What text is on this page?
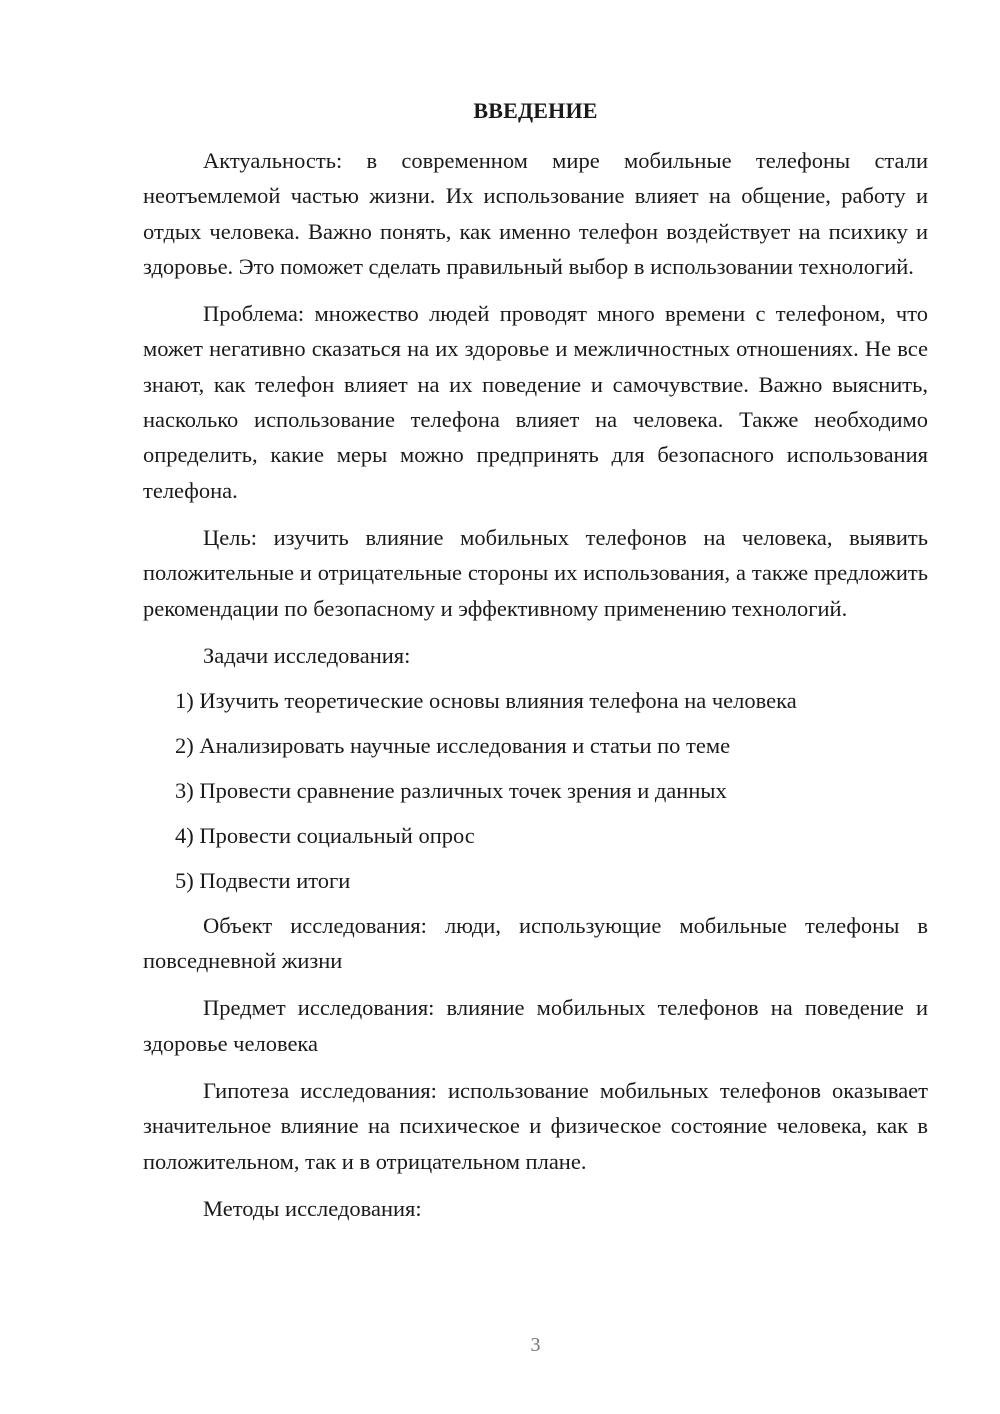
ВВЕДЕНИЕ

Актуальность: в современном мире мобильные телефоны стали неотъемлемой частью жизни. Их использование влияет на общение, работу и отдых человека. Важно понять, как именно телефон воздействует на психику и здоровье. Это поможет сделать правильный выбор в использовании технологий.

Проблема: множество людей проводят много времени с телефоном, что может негативно сказаться на их здоровье и межличностных отношениях. Не все знают, как телефон влияет на их поведение и самочувствие. Важно выяснить, насколько использование телефона влияет на человека. Также необходимо определить, какие меры можно предпринять для безопасного использования телефона.

Цель: изучить влияние мобильных телефонов на человека, выявить положительные и отрицательные стороны их использования, а также предложить рекомендации по безопасному и эффективному применению технологий.

Задачи исследования:

1) Изучить теоретические основы влияния телефона на человека
2) Анализировать научные исследования и статьи по теме
3) Провести сравнение различных точек зрения и данных
4) Провести социальный опрос
5) Подвести итоги

Объект исследования: люди, использующие мобильные телефоны в повседневной жизни

Предмет исследования: влияние мобильных телефонов на поведение и здоровье человека

Гипотеза исследования: использование мобильных телефонов оказывает значительное влияние на психическое и физическое состояние человека, как в положительном, так и в отрицательном плане.

Методы исследования:

3
